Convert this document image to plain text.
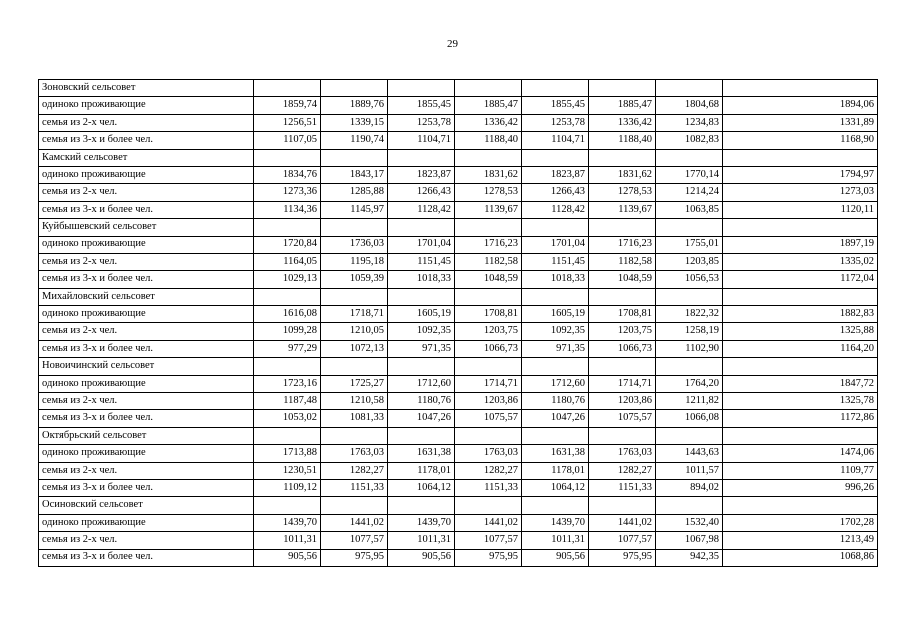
29
Зоновский сельсовет								
одиноко проживающие	1859,74	1889,76	1855,45	1885,47	1855,45	1885,47	1804,68	1894,06
семья из 2-х чел.	1256,51	1339,15	1253,78	1336,42	1253,78	1336,42	1234,83	1331,89
семья из 3-х и более чел.	1107,05	1190,74	1104,71	1188,40	1104,71	1188,40	1082,83	1168,90
Камский сельсовет								
одиноко проживающие	1834,76	1843,17	1823,87	1831,62	1823,87	1831,62	1770,14	1794,97
семья из 2-х чел.	1273,36	1285,88	1266,43	1278,53	1266,43	1278,53	1214,24	1273,03
семья из 3-х и более чел.	1134,36	1145,97	1128,42	1139,67	1128,42	1139,67	1063,85	1120,11
Куйбышевский сельсовет								
одиноко проживающие	1720,84	1736,03	1701,04	1716,23	1701,04	1716,23	1755,01	1897,19
семья из 2-х чел.	1164,05	1195,18	1151,45	1182,58	1151,45	1182,58	1203,85	1335,02
семья из 3-х и более чел.	1029,13	1059,39	1018,33	1048,59	1018,33	1048,59	1056,53	1172,04
Михайловский сельсовет								
одиноко проживающие	1616,08	1718,71	1605,19	1708,81	1605,19	1708,81	1822,32	1882,83
семья из 2-х чел.	1099,28	1210,05	1092,35	1203,75	1092,35	1203,75	1258,19	1325,88
семья из 3-х и более чел.	977,29	1072,13	971,35	1066,73	971,35	1066,73	1102,90	1164,20
Новоичинский сельсовет								
одиноко проживающие	1723,16	1725,27	1712,60	1714,71	1712,60	1714,71	1764,20	1847,72
семья из 2-х чел.	1187,48	1210,58	1180,76	1203,86	1180,76	1203,86	1211,82	1325,78
семья из 3-х и более чел.	1053,02	1081,33	1047,26	1075,57	1047,26	1075,57	1066,08	1172,86
Октябрьский сельсовет								
одиноко проживающие	1713,88	1763,03	1631,38	1763,03	1631,38	1763,03	1443,63	1474,06
семья из 2-х чел.	1230,51	1282,27	1178,01	1282,27	1178,01	1282,27	1011,57	1109,77
семья из 3-х и более чел.	1109,12	1151,33	1064,12	1151,33	1064,12	1151,33	894,02	996,26
Осиновский сельсовет								
одиноко проживающие	1439,70	1441,02	1439,70	1441,02	1439,70	1441,02	1532,40	1702,28
семья из 2-х чел.	1011,31	1077,57	1011,31	1077,57	1011,31	1077,57	1067,98	1213,49
семья из 3-х и более чел.	905,56	975,95	905,56	975,95	905,56	975,95	942,35	1068,86
